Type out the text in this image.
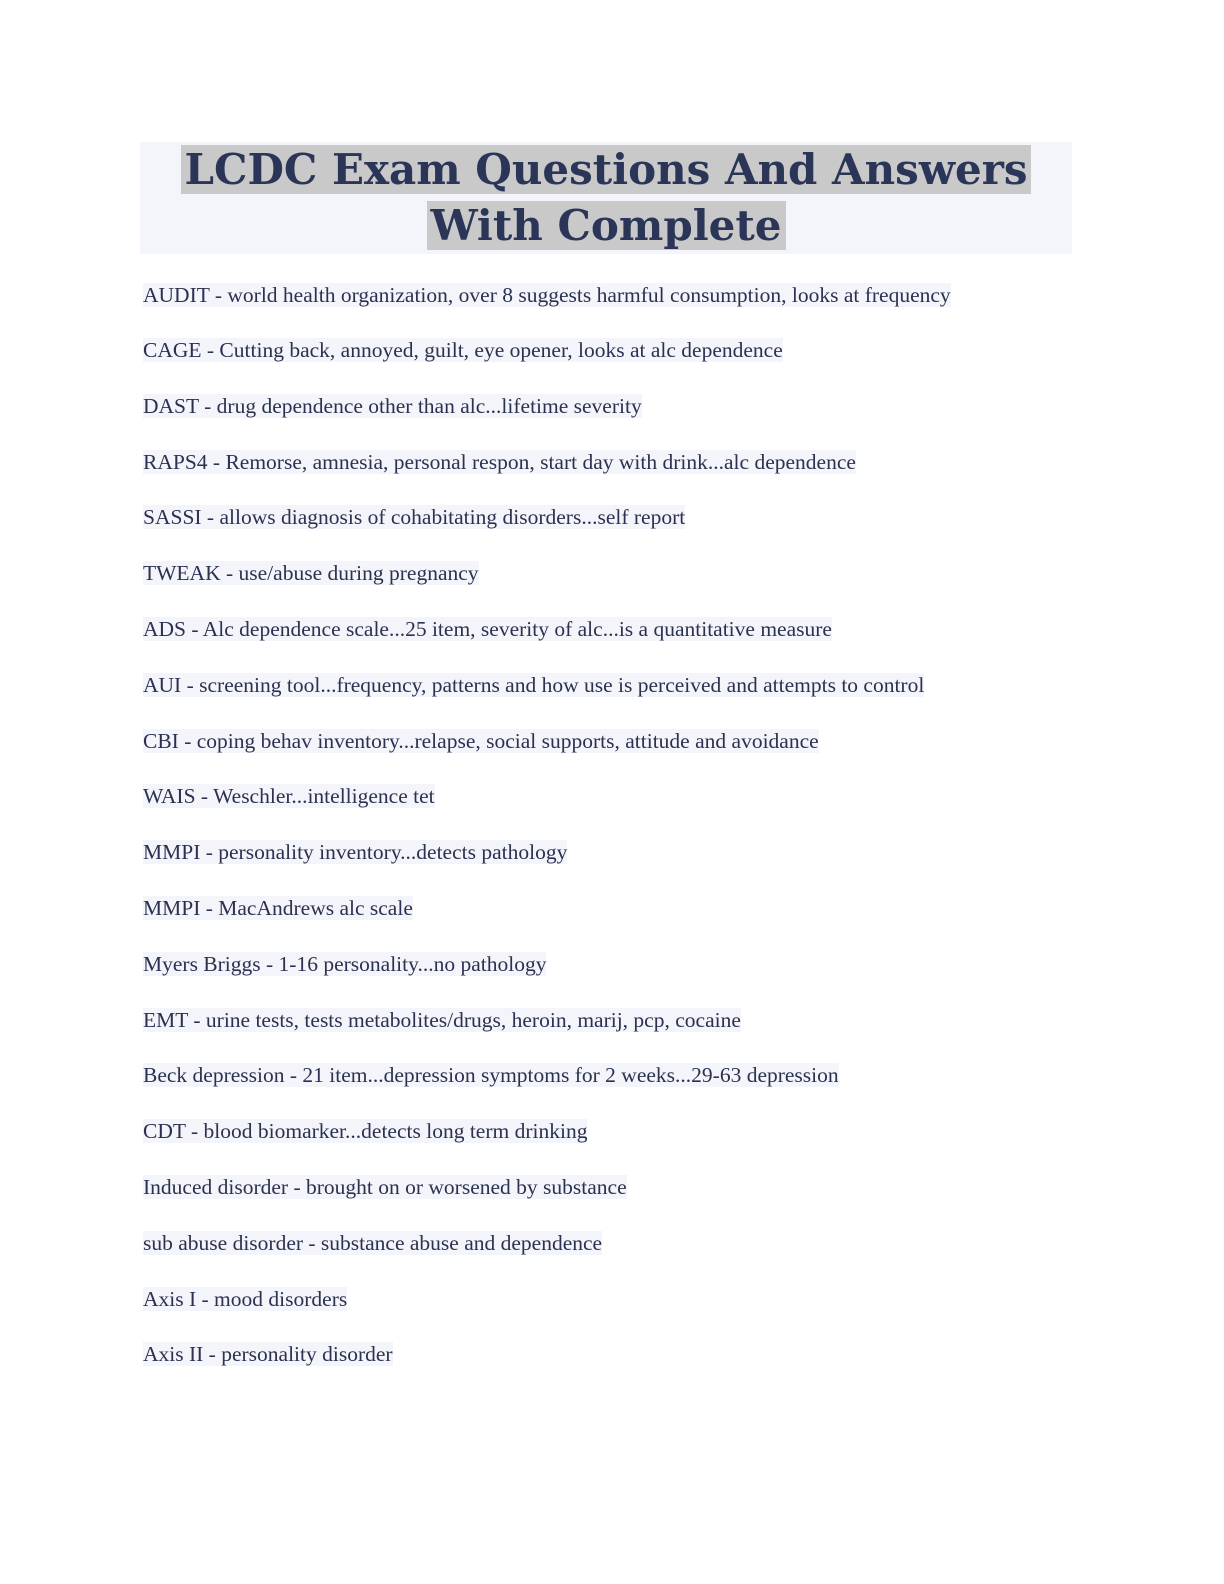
LCDC Exam Questions And Answers With Complete
AUDIT - world health organization, over 8 suggests harmful consumption, looks at frequency
CAGE - Cutting back, annoyed, guilt, eye opener, looks at alc dependence
DAST - drug dependence other than alc...lifetime severity
RAPS4 - Remorse, amnesia, personal respon, start day with drink...alc dependence
SASSI - allows diagnosis of cohabitating disorders...self report
TWEAK - use/abuse during pregnancy
ADS - Alc dependence scale...25 item, severity of alc...is a quantitative measure
AUI - screening tool...frequency, patterns and how use is perceived and attempts to control
CBI - coping behav inventory...relapse, social supports, attitude and avoidance
WAIS - Weschler...intelligence tet
MMPI - personality inventory...detects pathology
MMPI - MacAndrews alc scale
Myers Briggs - 1-16 personality...no pathology
EMT - urine tests, tests metabolites/drugs, heroin, marij, pcp, cocaine
Beck depression - 21 item...depression symptoms for 2 weeks...29-63 depression
CDT - blood biomarker...detects long term drinking
Induced disorder - brought on or worsened by substance
sub abuse disorder - substance abuse and dependence
Axis I - mood disorders
Axis II - personality disorder
